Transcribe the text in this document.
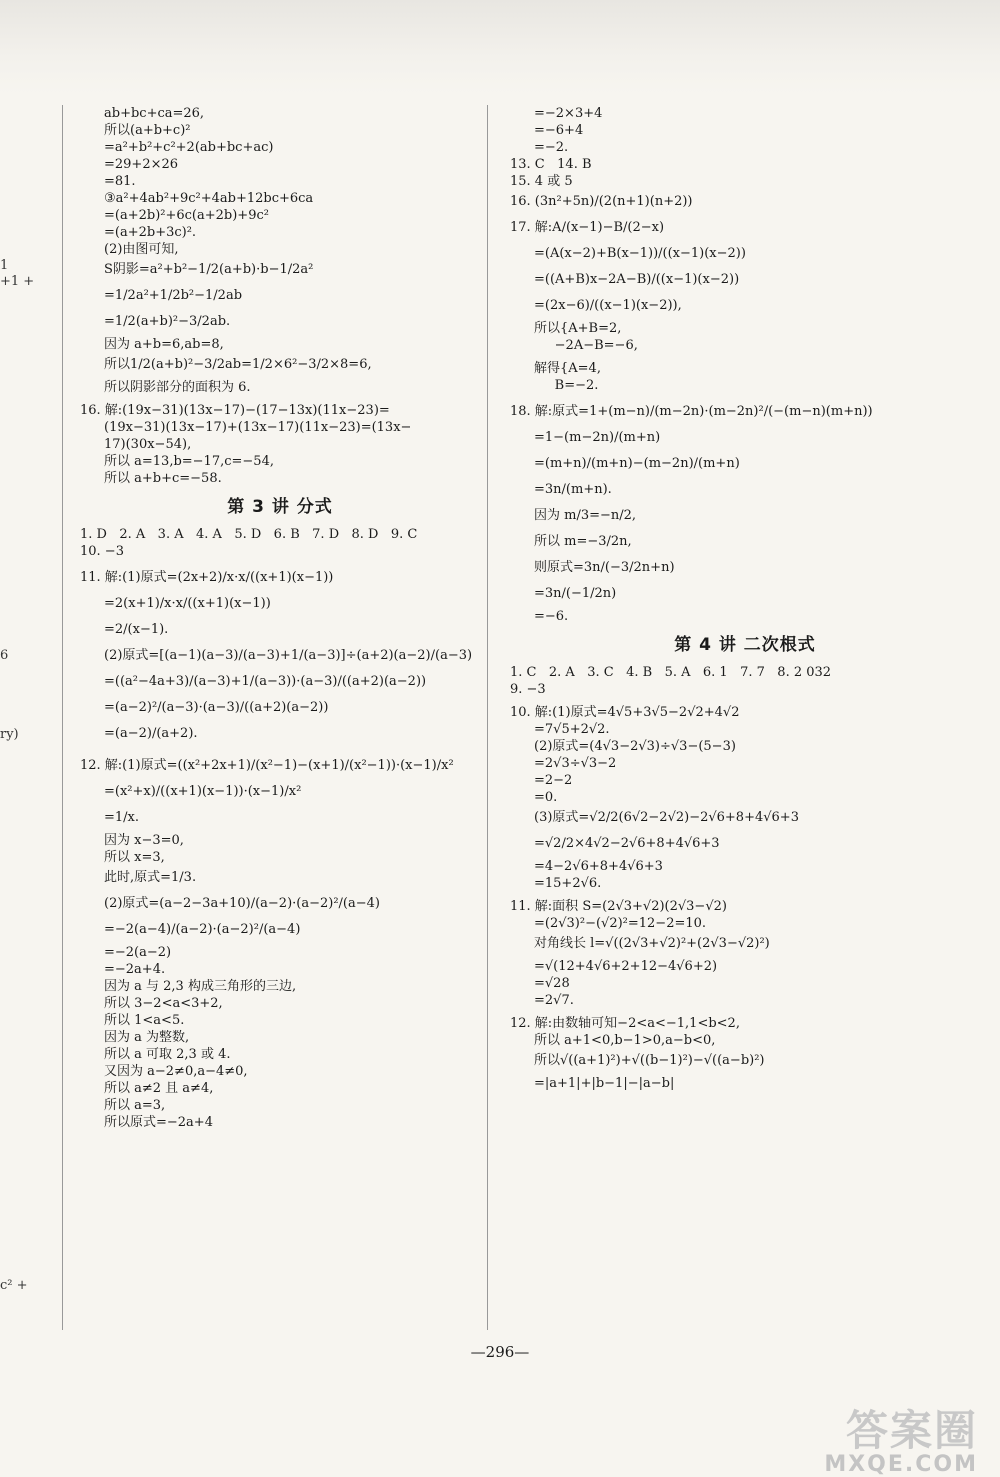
1
+1 +
6
ry)
c² +
ab+bc+ca=26,
所以(a+b+c)²
=a²+b²+c²+2(ab+bc+ac)
=29+2×26
=81.
③a²+4ab²+9c²+4ab+12bc+6ca
=(a+2b)²+6c(a+2b)+9c²
=(a+2b+3c)².
(2)由图可知,
S阴影=a²+b²−1/2(a+b)·b−1/2a²
=1/2a²+1/2b²−1/2ab
=1/2(a+b)²−3/2ab.
因为 a+b=6,ab=8,
所以1/2(a+b)²−3/2ab=1/2×6²−3/2×8=6,
所以阴影部分的面积为 6.
16. 解:(19x−31)(13x−17)−(17−13x)(11x−23)=
(19x−31)(13x−17)+(13x−17)(11x−23)=(13x−
17)(30x−54),
所以 a=13,b=−17,c=−54,
所以 a+b+c=−58.
第 3 讲 分式
1. D   2. A   3. A   4. A   5. D   6. B   7. D   8. D   9. C
10. −3
11. 解:(1)原式=(2x+2)/x·x/((x+1)(x−1))
=2(x+1)/x·x/((x+1)(x−1))
=2/(x−1).
(2)原式=[(a−1)(a−3)/(a−3)+1/(a−3)]÷(a+2)(a−2)/(a−3)
=((a²−4a+3)/(a−3)+1/(a−3))·(a−3)/((a+2)(a−2))
=(a−2)²/(a−3)·(a−3)/((a+2)(a−2))
=(a−2)/(a+2).
12. 解:(1)原式=((x²+2x+1)/(x²−1)−(x+1)/(x²−1))·(x−1)/x²
=(x²+x)/((x+1)(x−1))·(x−1)/x²
=1/x.
因为 x−3=0,
所以 x=3,
此时,原式=1/3.
(2)原式=(a−2−3a+10)/(a−2)·(a−2)²/(a−4)
=−2(a−4)/(a−2)·(a−2)²/(a−4)
=−2(a−2)
=−2a+4.
因为 a 与 2,3 构成三角形的三边,
所以 3−2<a<3+2,
所以 1<a<5.
因为 a 为整数,
所以 a 可取 2,3 或 4.
又因为 a−2≠0,a−4≠0,
所以 a≠2 且 a≠4,
所以 a=3,
所以原式=−2a+4
=−2×3+4
=−6+4
=−2.
13. C   14. B
15. 4 或 5
16. (3n²+5n)/(2(n+1)(n+2))
17. 解:A/(x−1)−B/(2−x)
=(A(x−2)+B(x−1))/((x−1)(x−2))
=((A+B)x−2A−B)/((x−1)(x−2))
=(2x−6)/((x−1)(x−2)),
所以{A+B=2,
−2A−B=−6,
解得{A=4,
B=−2.
18. 解:原式=1+(m−n)/(m−2n)·(m−2n)²/(−(m−n)(m+n))
=1−(m−2n)/(m+n)
=(m+n)/(m+n)−(m−2n)/(m+n)
=3n/(m+n).
因为 m/3=−n/2,
所以 m=−3/2n,
则原式=3n/(−3/2n+n)
=3n/(−1/2n)
=−6.
第 4 讲 二次根式
1. C   2. A   3. C   4. B   5. A   6. 1   7. 7   8. 2 032
9. −3
10. 解:(1)原式=4√5+3√5−2√2+4√2
=7√5+2√2.
(2)原式=(4√3−2√3)÷√3−(5−3)
=2√3÷√3−2
=2−2
=0.
(3)原式=√2/2(6√2−2√2)−2√6+8+4√6+3
=√2/2×4√2−2√6+8+4√6+3
=4−2√6+8+4√6+3
=15+2√6.
11. 解:面积 S=(2√3+√2)(2√3−√2)
=(2√3)²−(√2)²=12−2=10.
对角线长 l=√((2√3+√2)²+(2√3−√2)²)
=√(12+4√6+2+12−4√6+2)
=√28
=2√7.
12. 解:由数轴可知−2<a<−1,1<b<2,
所以 a+1<0,b−1>0,a−b<0,
所以√((a+1)²)+√((b−1)²)−√((a−b)²)
=|a+1|+|b−1|−|a−b|
—296—
答案圈
MXQE.COM
